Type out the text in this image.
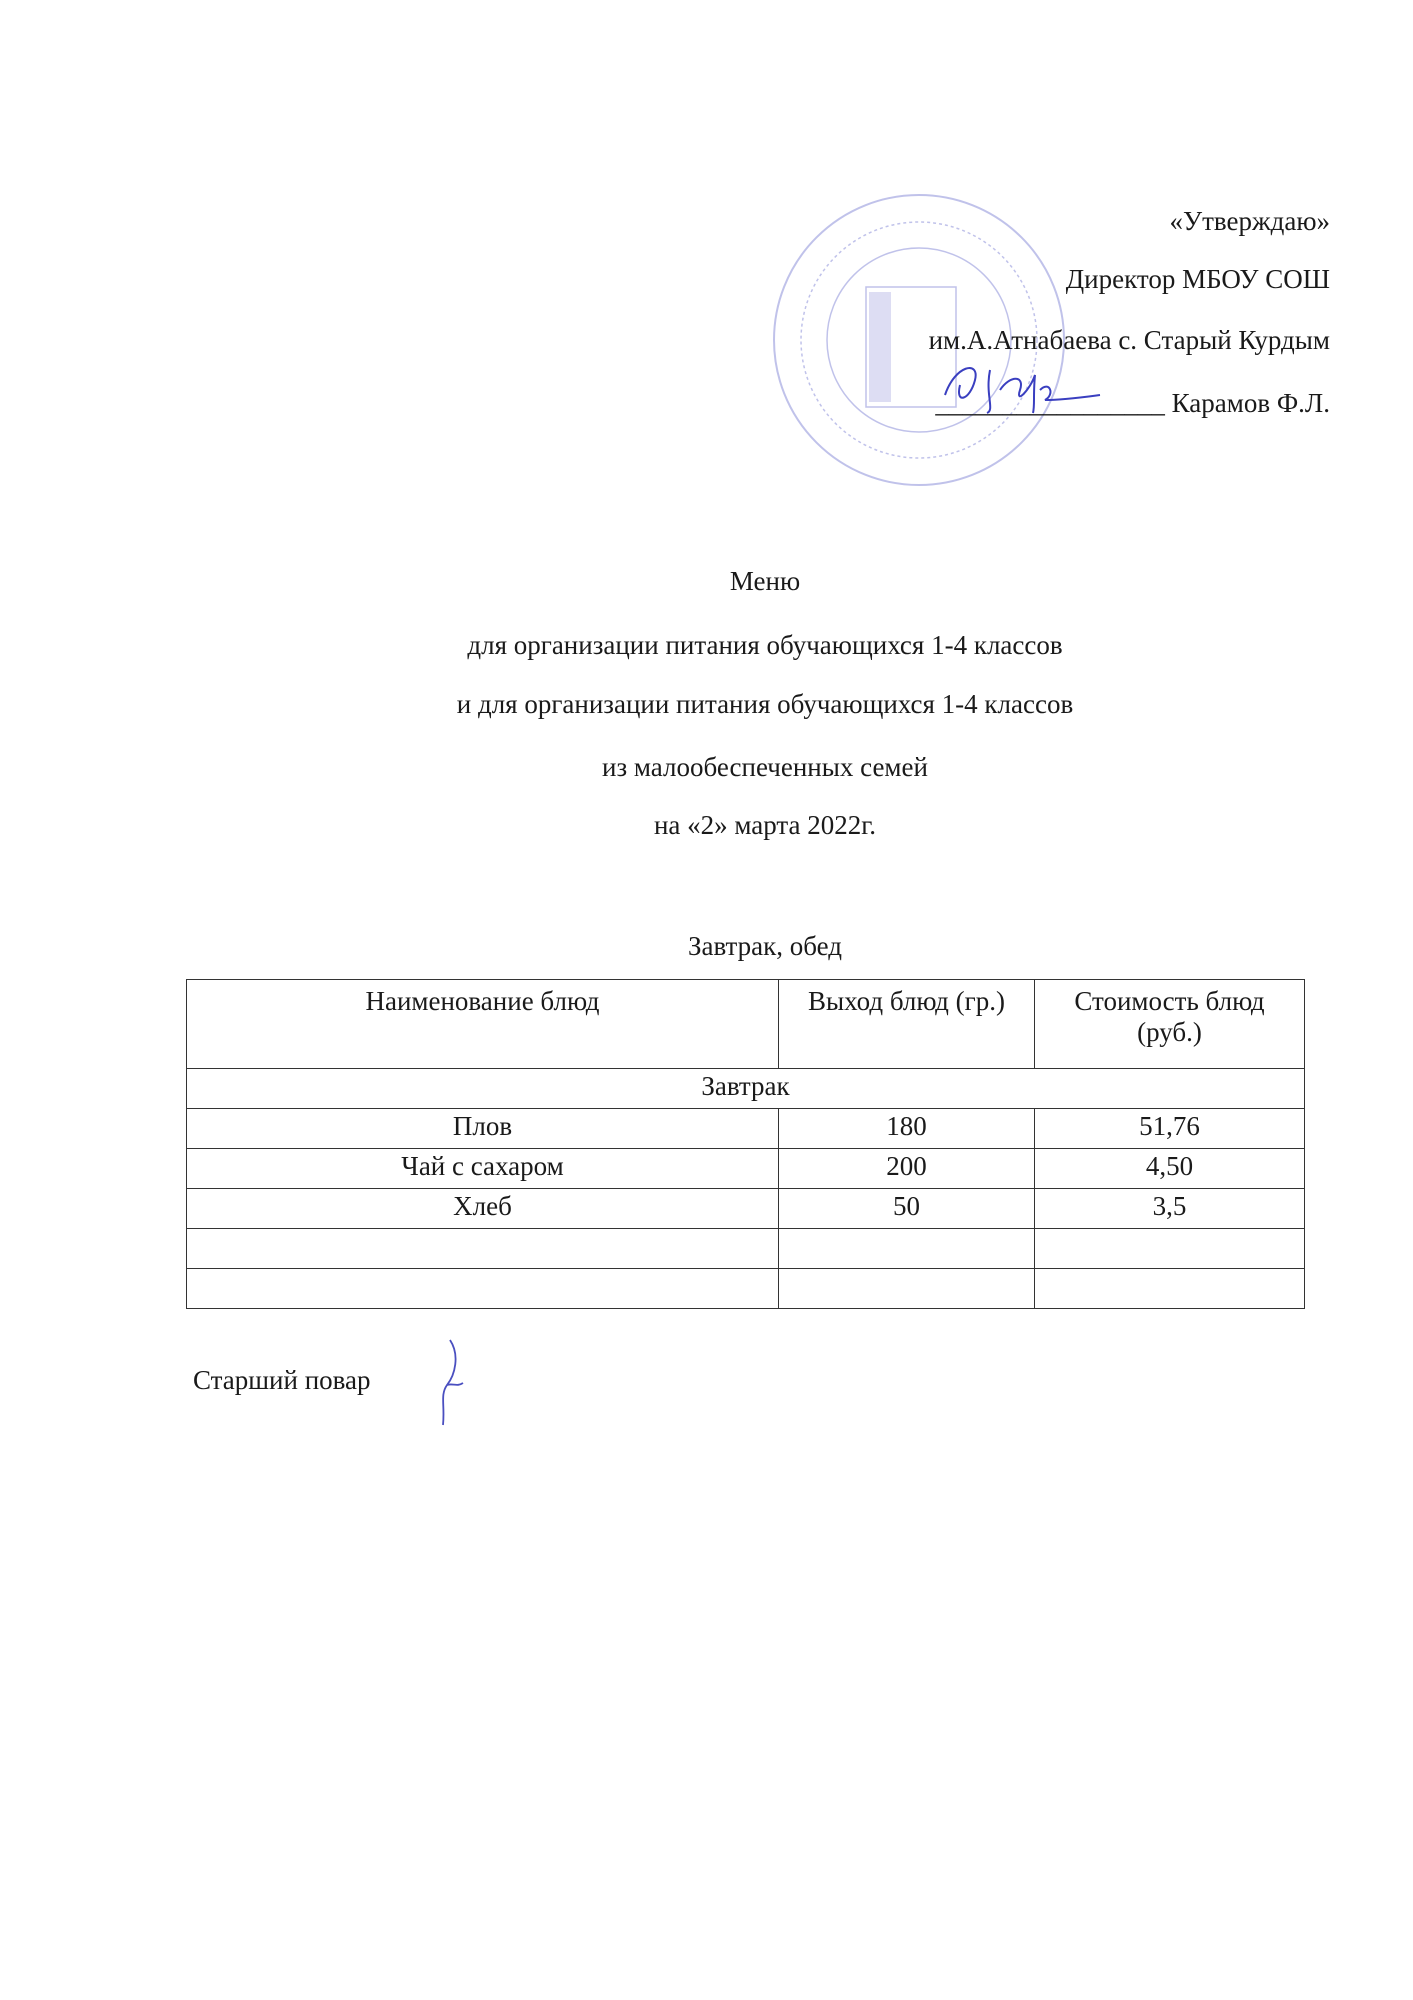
«Утверждаю»
Директор МБОУ СОШ
им.А.Атнабаева с. Старый Курдым
_________________ Карамов Ф.Л.
Меню
для организации питания обучающихся 1-4 классов
и для организации питания обучающихся 1-4 классов
из малообеспеченных семей
на «2» марта 2022г.
Завтрак, обед
Наименование блюд	Выход блюд (гр.)	Стоимость блюд (руб.)
Завтрак		
Плов	180	51,76
Чай с сахаром	200	4,50
Хлеб	50	3,5

Старший повар
